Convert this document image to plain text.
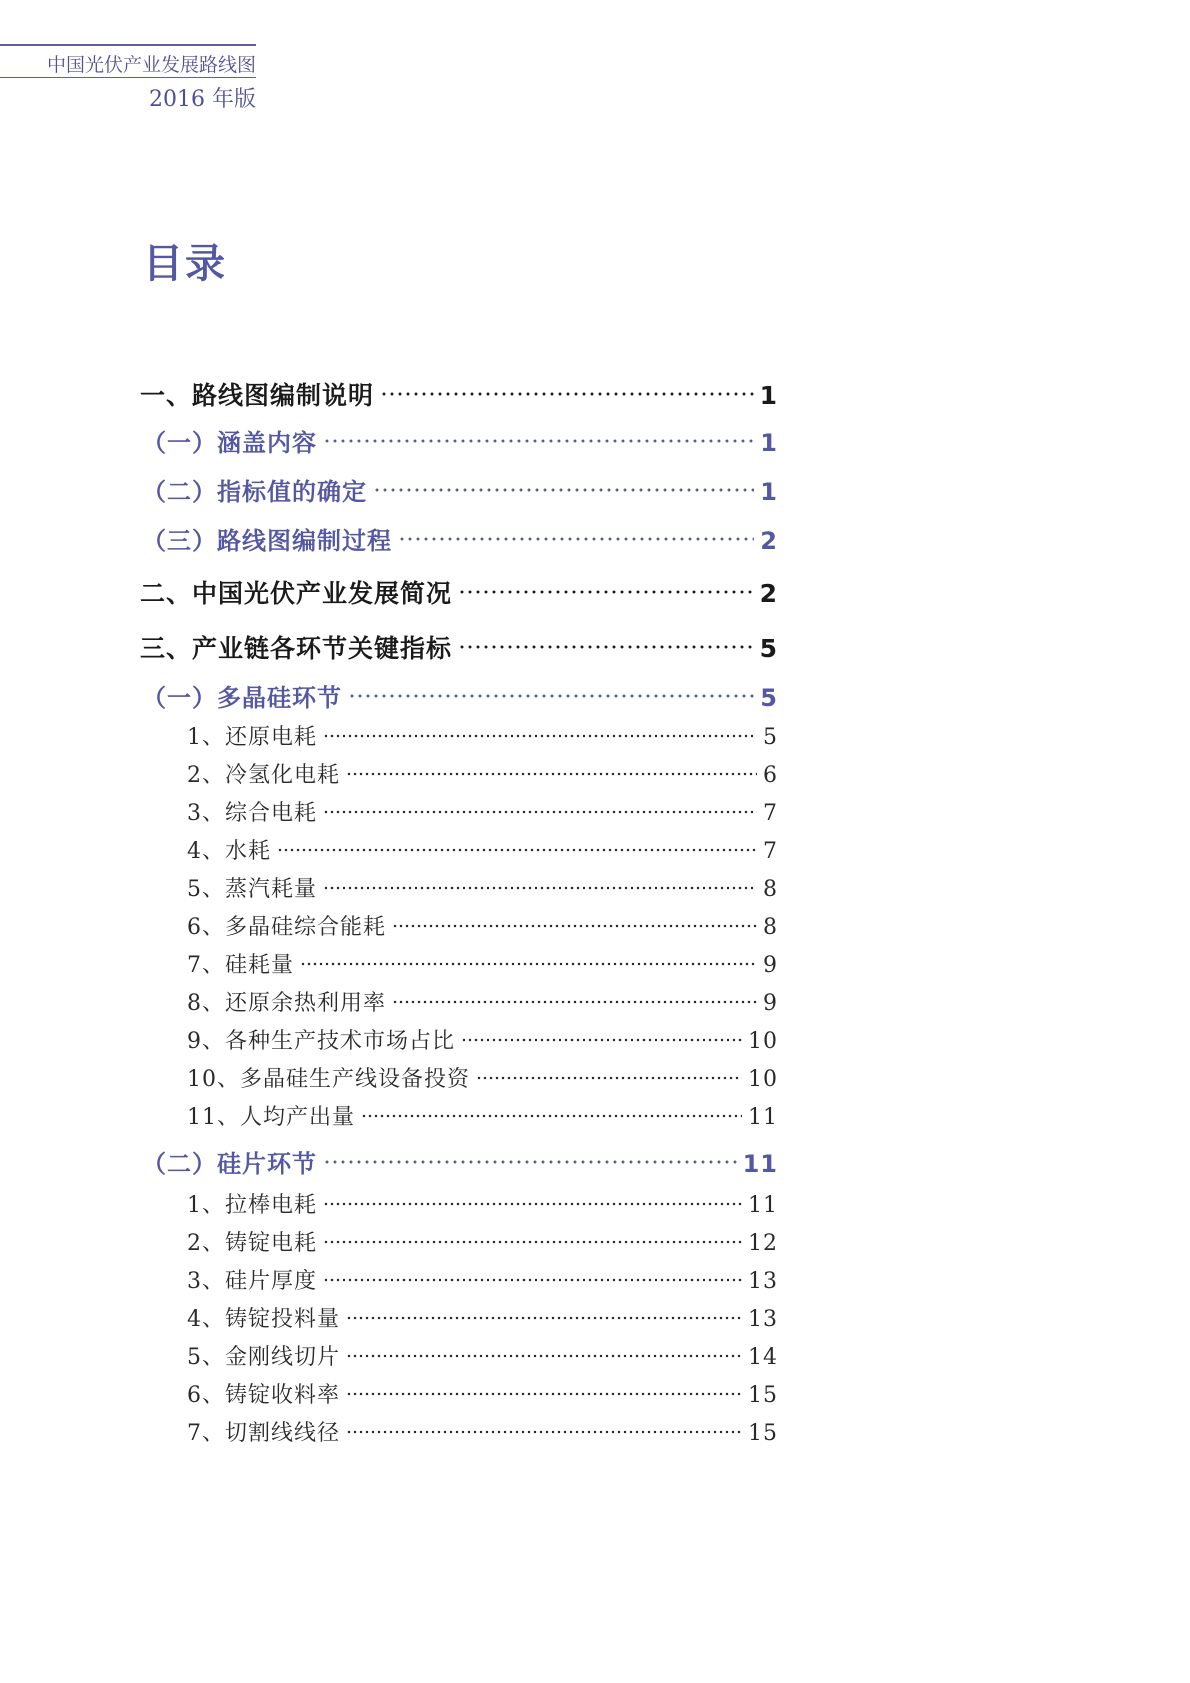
中国光伏产业发展路线图
2016 年版
目录
一、路线图编制说明	1
（一）涵盖内容	1
（二）指标值的确定	1
（三）路线图编制过程	2
二、中国光伏产业发展简况	2
三、产业链各环节关键指标	5
（一）多晶硅环节	5
1、还原电耗	5
2、冷氢化电耗	6
3、综合电耗	7
4、水耗	7
5、蒸汽耗量	8
6、多晶硅综合能耗	8
7、硅耗量	9
8、还原余热利用率	9
9、各种生产技术市场占比	10
10、多晶硅生产线设备投资	10
11、人均产出量	11
（二）硅片环节	11
1、拉棒电耗	11
2、铸锭电耗	12
3、硅片厚度	13
4、铸锭投料量	13
5、金刚线切片	14
6、铸锭收料率	15
7、切割线线径	15
